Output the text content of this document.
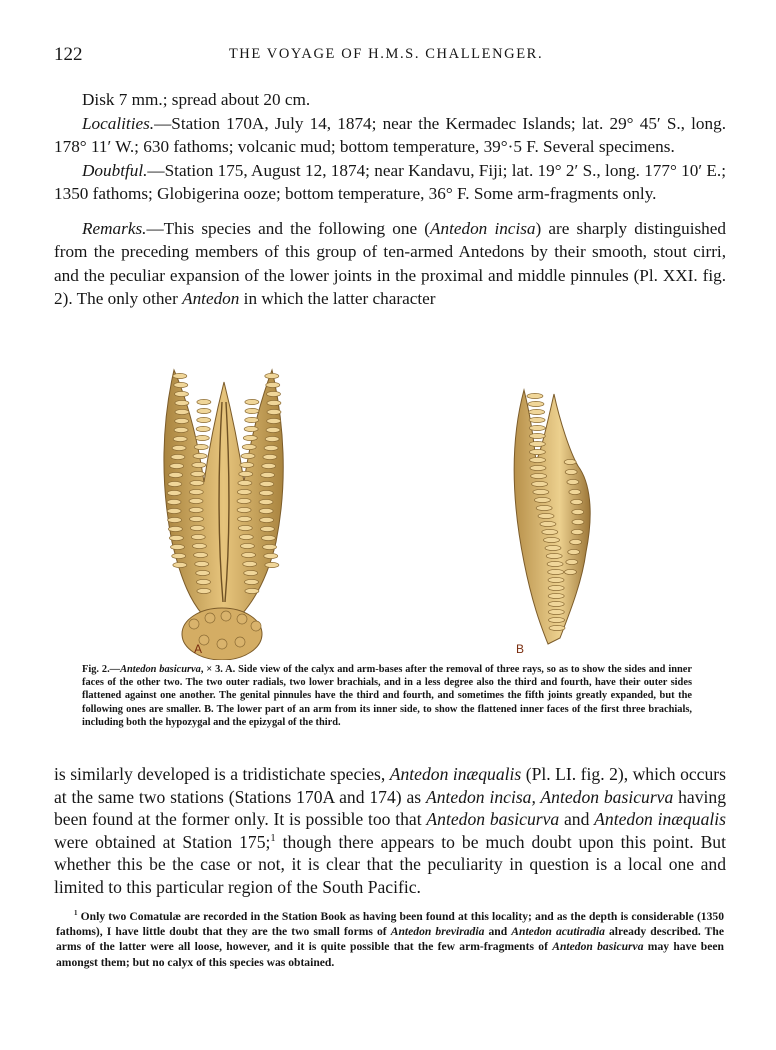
122	THE VOYAGE OF H.M.S. CHALLENGER.

Disk 7 mm.; spread about 20 cm.

Localities.—Station 170A, July 14, 1874; near the Kermadec Islands; lat. 29° 45′ S., long. 178° 11′ W.; 630 fathoms; volcanic mud; bottom temperature, 39°·5 F. Several specimens.

Doubtful.—Station 175, August 12, 1874; near Kandavu, Fiji; lat. 19° 2′ S., long. 177° 10′ E.; 1350 fathoms; Globigerina ooze; bottom temperature, 36° F. Some arm-fragments only.

Remarks.—This species and the following one (Antedon incisa) are sharply distinguished from the preceding members of this group of ten-armed Antedons by their smooth, stout cirri, and the peculiar expansion of the lower joints in the proximal and middle pinnules (Pl. XXI. fig. 2). The only other Antedon in which the latter character

A	B

Fig. 2.—Antedon basicurva, × 3. A. Side view of the calyx and arm-bases after the removal of three rays, so as to show the sides and inner faces of the other two. The two outer radials, two lower brachials, and in a less degree also the third and fourth, have their outer sides flattened against one another. The genital pinnules have the third and fourth, and sometimes the fifth joints greatly expanded, but the following ones are smaller. B. The lower part of an arm from its inner side, to show the flattened inner faces of the first three brachials, including both the hypozygal and the epizygal of the third.

is similarly developed is a tridistichate species, Antedon inæqualis (Pl. LI. fig. 2), which occurs at the same two stations (Stations 170A and 174) as Antedon incisa, Antedon basicurva having been found at the former only. It is possible too that Antedon basicurva and Antedon inæqualis were obtained at Station 175;$^1$ though there appears to be much doubt upon this point. But whether this be the case or not, it is clear that the peculiarity in question is a local one and limited to this particular region of the South Pacific.

$^1$ Only two Comatulæ are recorded in the Station Book as having been found at this locality; and as the depth is considerable (1350 fathoms), I have little doubt that they are the two small forms of Antedon breviradia and Antedon acutiradia already described. The arms of the latter were all loose, however, and it is quite possible that the few arm-fragments of Antedon basicurva may have been amongst them; but no calyx of this species was obtained.
